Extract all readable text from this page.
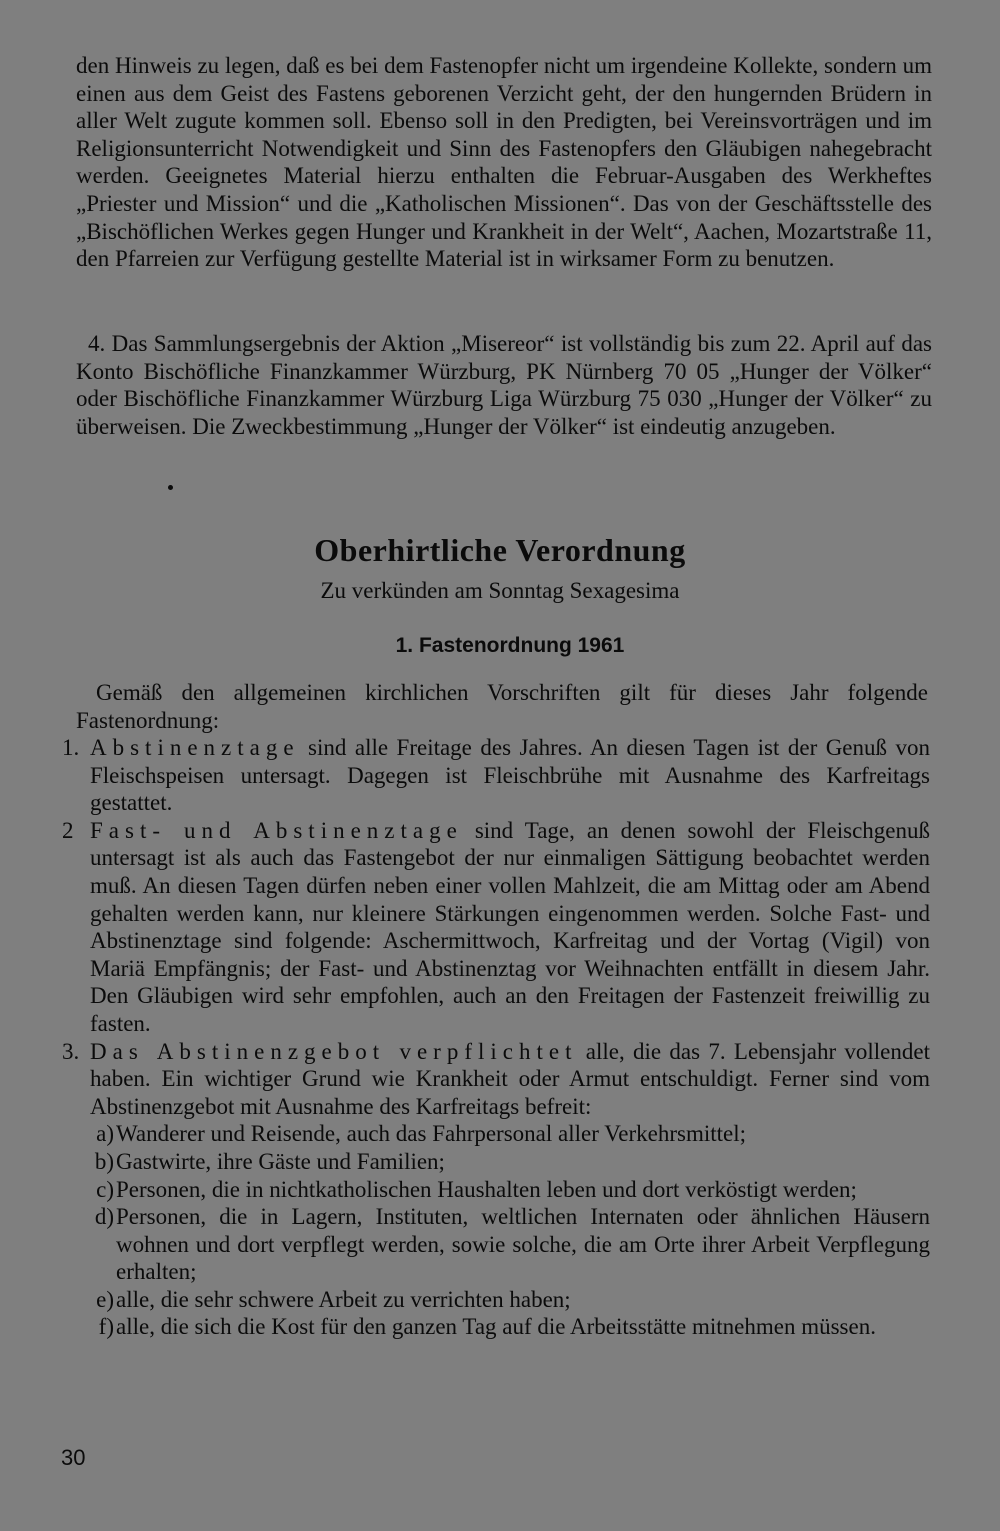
den Hinweis zu legen, daß es bei dem Fastenopfer nicht um irgendeine Kollekte, sondern um einen aus dem Geist des Fastens geborenen Verzicht geht, der den hungernden Brüdern in aller Welt zugute kommen soll. Ebenso soll in den Predigten, bei Vereinsvorträgen und im Religionsunterricht Notwendigkeit und Sinn des Fastenopfers den Gläubigen nahegebracht werden. Geeignetes Material hierzu enthalten die Februar-Ausgaben des Werkheftes „Priester und Mission“ und die „Katholischen Missionen“. Das von der Geschäftsstelle des „Bischöflichen Werkes gegen Hunger und Krankheit in der Welt“, Aachen, Mozartstraße 11, den Pfarreien zur Verfügung gestellte Material ist in wirksamer Form zu benutzen.

4. Das Sammlungsergebnis der Aktion „Misereor“ ist vollständig bis zum 22. April auf das Konto Bischöfliche Finanzkammer Würzburg, PK Nürnberg 70 05 „Hunger der Völker“ oder Bischöfliche Finanzkammer Würzburg Liga Würzburg 75 030 „Hunger der Völker“ zu überweisen. Die Zweckbestimmung „Hunger der Völker“ ist eindeutig anzugeben.

Oberhirtliche Verordnung
Zu verkünden am Sonntag Sexagesima
1. Fastenordnung 1961

Gemäß den allgemeinen kirchlichen Vorschriften gilt für dieses Jahr folgende Fastenordnung:

1. Abstinenztage sind alle Freitage des Jahres. An diesen Tagen ist der Genuß von Fleischspeisen untersagt. Dagegen ist Fleischbrühe mit Ausnahme des Karfreitags gestattet.
2 Fast- und Abstinenztage sind Tage, an denen sowohl der Fleischgenuß untersagt ist als auch das Fastengebot der nur einmaligen Sättigung beobachtet werden muß. An diesen Tagen dürfen neben einer vollen Mahlzeit, die am Mittag oder am Abend gehalten werden kann, nur kleinere Stärkungen eingenommen werden. Solche Fast- und Abstinenztage sind folgende: Aschermittwoch, Karfreitag und der Vortag (Vigil) von Mariä Empfängnis; der Fast- und Abstinenztag vor Weihnachten entfällt in diesem Jahr. Den Gläubigen wird sehr empfohlen, auch an den Freitagen der Fastenzeit freiwillig zu fasten.
3. Das Abstinenzgebot verpflichtet alle, die das 7. Lebensjahr vollendet haben. Ein wichtiger Grund wie Krankheit oder Armut entschuldigt. Ferner sind vom Abstinenzgebot mit Ausnahme des Karfreitags befreit:
a) Wanderer und Reisende, auch das Fahrpersonal aller Verkehrsmittel;
b) Gastwirte, ihre Gäste und Familien;
c) Personen, die in nichtkatholischen Haushalten leben und dort verköstigt werden;
d) Personen, die in Lagern, Instituten, weltlichen Internaten oder ähnlichen Häusern wohnen und dort verpflegt werden, sowie solche, die am Orte ihrer Arbeit Verpflegung erhalten;
e) alle, die sehr schwere Arbeit zu verrichten haben;
f) alle, die sich die Kost für den ganzen Tag auf die Arbeitsstätte mitnehmen müssen.
30
